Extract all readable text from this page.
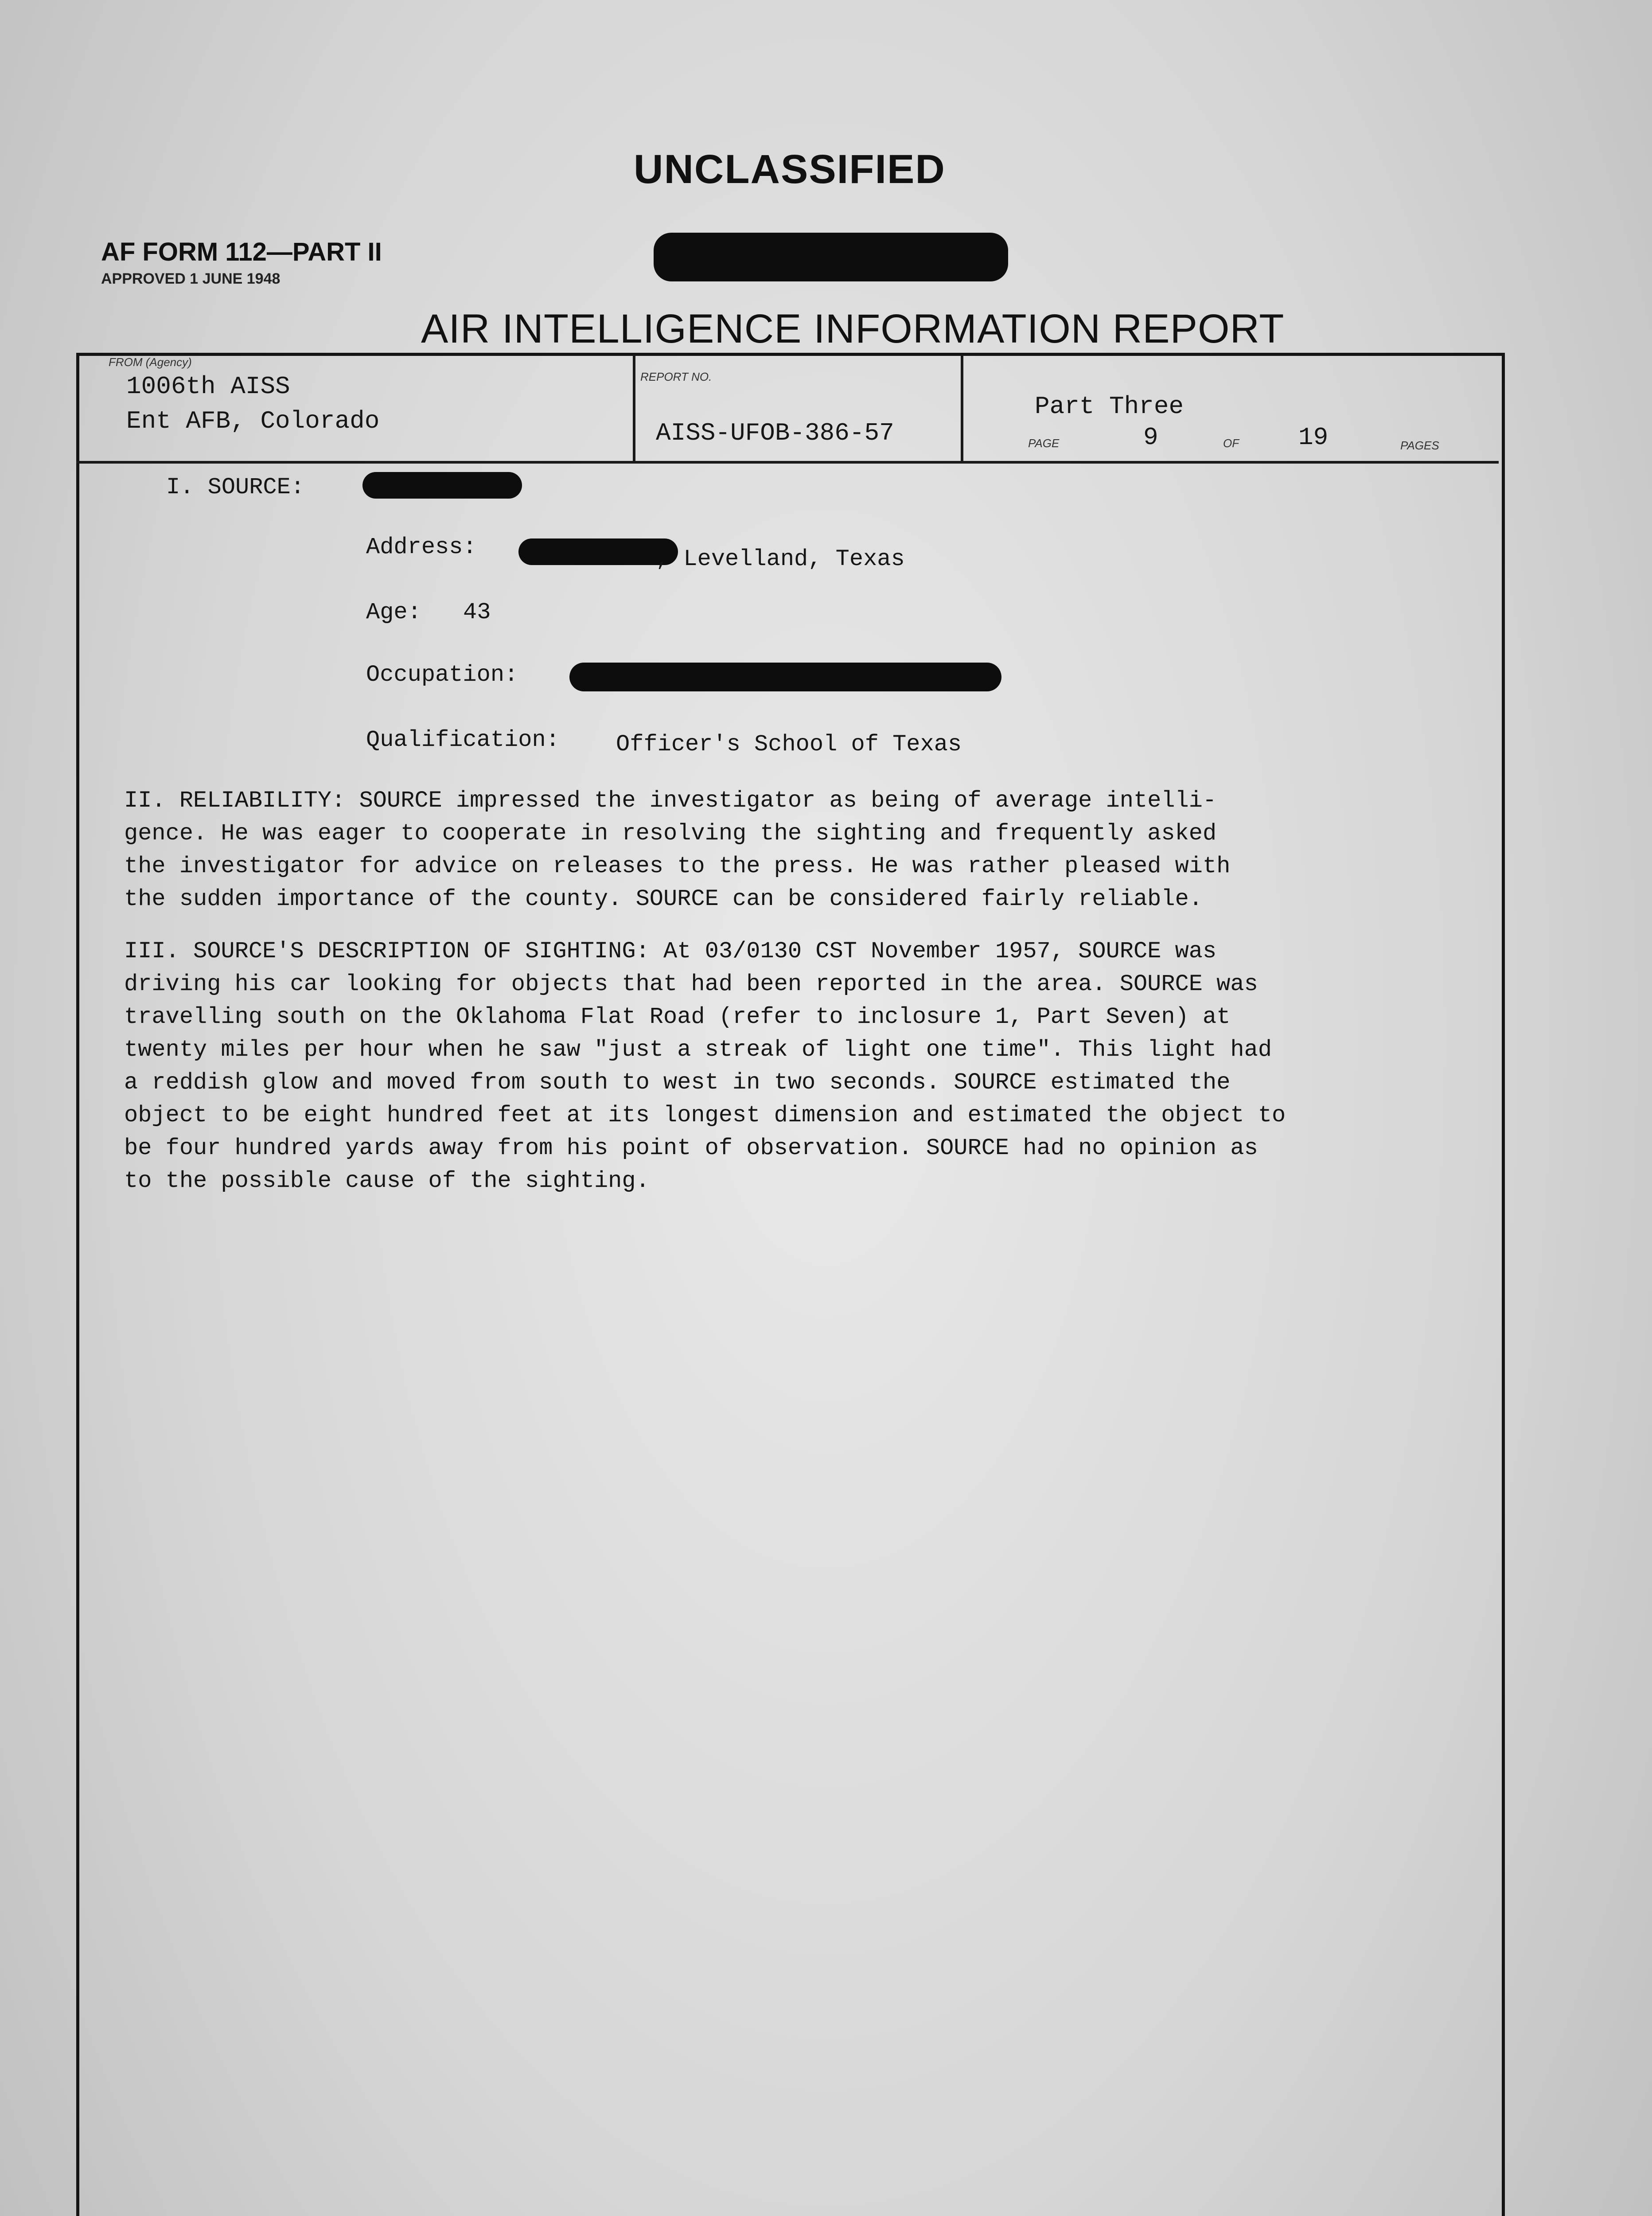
UNCLASSIFIED
AF FORM 112—PART II
APPROVED 1 JUNE 1948
AIR INTELLIGENCE INFORMATION REPORT
FROM (Agency)
1006th AISS
Ent AFB, Colorado
REPORT NO.
AISS-UFOB-386-57
Part Three
PAGE	9	OF 19	PAGES
I. SOURCE:
Address:	, Levelland, Texas
Age: 43
Occupation:
Qualification: Officer's School of Texas

II. RELIABILITY: SOURCE impressed the investigator as being of average intelli-

gence. He was eager to cooperate in resolving the sighting and frequently asked

the investigator for advice on releases to the press. He was rather pleased with

the sudden importance of the county. SOURCE can be considered fairly reliable.

III. SOURCE'S DESCRIPTION OF SIGHTING: At 03/0130 CST November 1957, SOURCE was

driving his car looking for objects that had been reported in the area. SOURCE was

travelling south on the Oklahoma Flat Road (refer to inclosure 1, Part Seven) at

twenty miles per hour when he saw "just a streak of light one time". This light had

a reddish glow and moved from south to west in two seconds. SOURCE estimated the

object to be eight hundred feet at its longest dimension and estimated the object to

be four hundred yards away from his point of observation. SOURCE had no opinion as

to the possible cause of the sighting.
